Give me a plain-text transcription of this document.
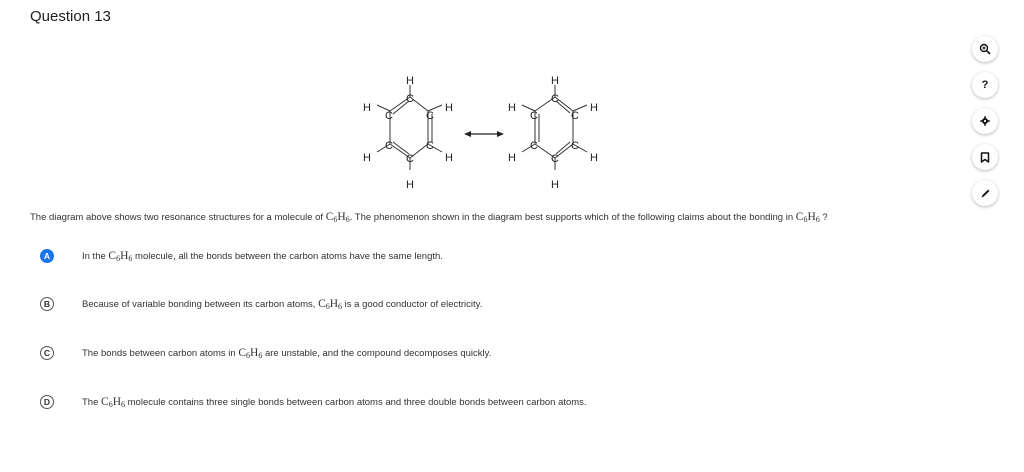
Question 13
H
C
H
C	C
H
H
C	C
H
C
H
H
C
H
C	C
H
H
C	C
H
C
H
The diagram above shows two resonance structures for a molecule of $C_6H_6$. The phenomenon shown in the diagram best supports which of the following claims about the bonding in $C_6H_6$ ?
A	In the $C_6H_6$ molecule, all the bonds between the carbon atoms have the same length.
B	Because of variable bonding between its carbon atoms, $C_6H_6$ is a good conductor of electricity.
C	The bonds between carbon atoms in $C_6H_6$ are unstable, and the compound decomposes quickly.
D	The $C_6H_6$ molecule contains three single bonds between carbon atoms and three double bonds between carbon atoms.
?
